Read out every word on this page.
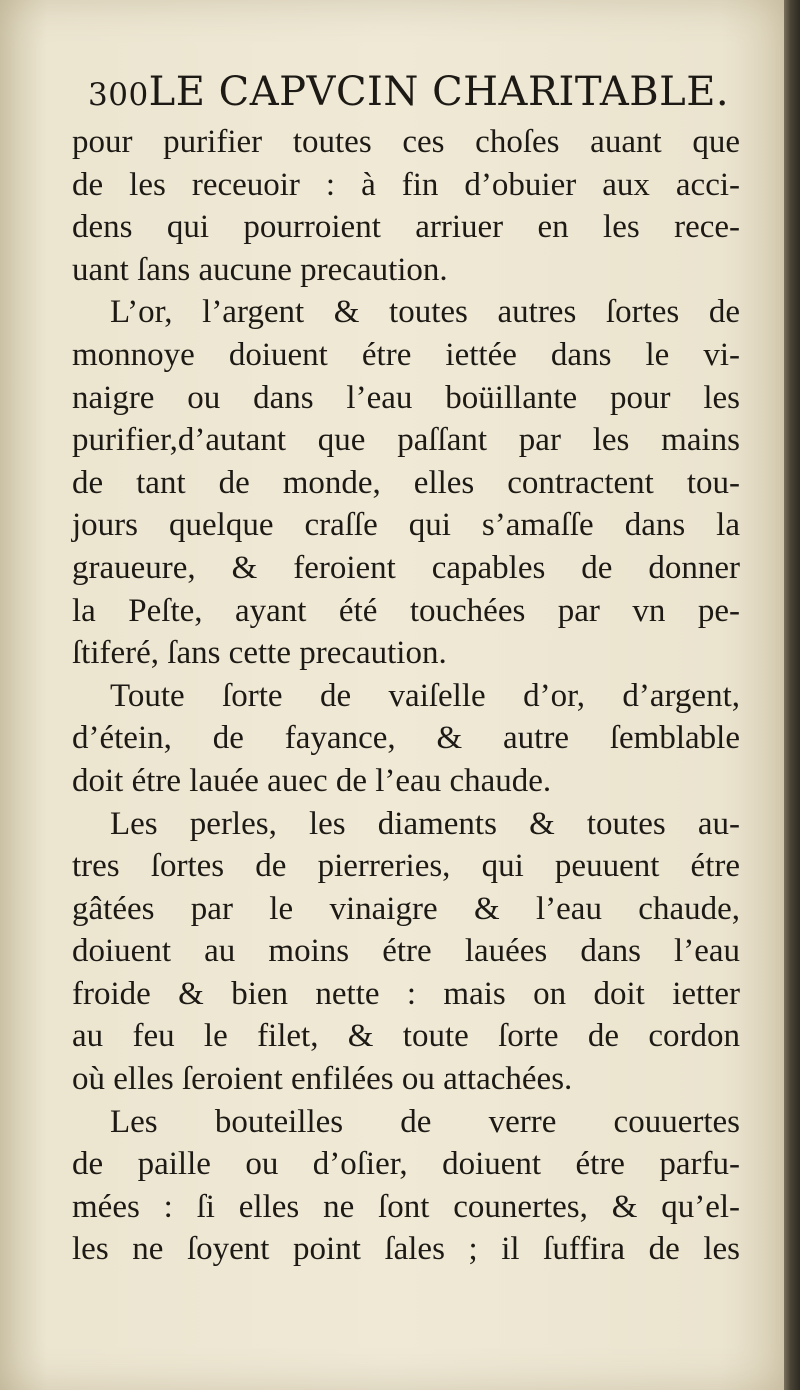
300LE CAPVCIN CHARITABLE.
pour purifier toutes ces choſes auant que
de les receuoir : à fin d’obuier aux acci-
dens qui pourroient arriuer en les rece-
uant ſans aucune precaution.
L’or, l’argent & toutes autres ſortes de
monnoye doiuent étre iettée dans le vi-
naigre ou dans l’eau boüillante pour les
purifier,d’autant que paſſant par les mains
de tant de monde, elles contractent tou-
jours quelque craſſe qui s’amaſſe dans la
graueure, & feroient capables de donner
la Peſte, ayant été touchées par vn pe-
ſtiferé, ſans cette precaution.
Toute ſorte de vaiſelle d’or, d’argent,
d’étein, de fayance, & autre ſemblable
doit étre lauée auec de l’eau chaude.
Les perles, les diaments & toutes au-
tres ſortes de pierreries, qui peuuent étre
gâtées par le vinaigre & l’eau chaude,
doiuent au moins étre lauées dans l’eau
froide & bien nette : mais on doit ietter
au feu le filet, & toute ſorte de cordon
où elles ſeroient enfilées ou attachées.
Les bouteilles de verre couuertes
de paille ou d’oſier, doiuent étre parfu-
mées : ſi elles ne ſont counertes, & qu’el-
les ne ſoyent point ſales ; il ſuffira de les
